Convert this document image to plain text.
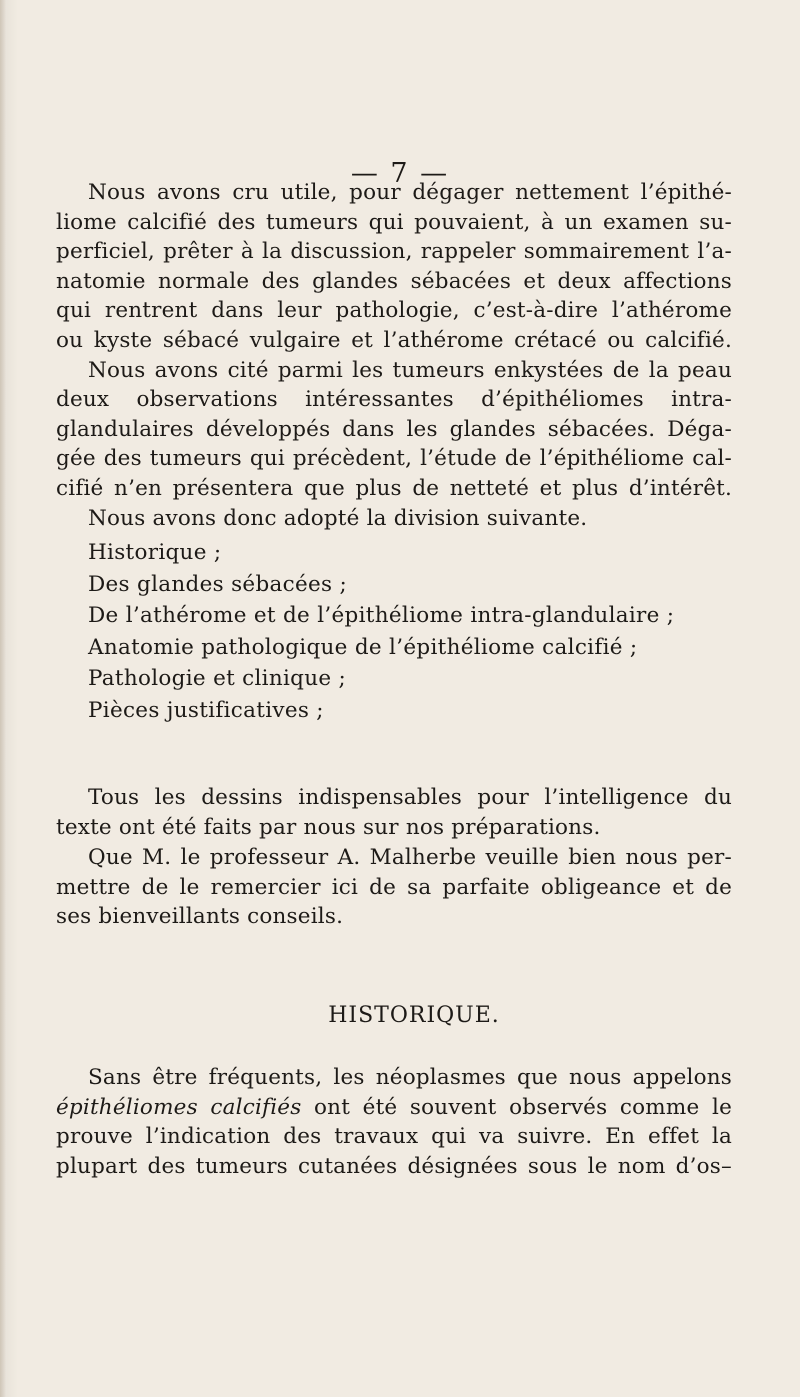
— 7 —
Nous avons cru utile, pour dégager nettement l’épithé-
liome calcifié des tumeurs qui pouvaient, à un examen su-
perficiel, prêter à la discussion, rappeler sommairement l’a-
natomie normale des glandes sébacées et deux affections
qui rentrent dans leur pathologie, c’est-à-dire l’athérome
ou kyste sébacé vulgaire et l’athérome crétacé ou calcifié.
Nous avons cité parmi les tumeurs enkystées de la peau
deux observations intéressantes d’épithéliomes intra-
glandulaires développés dans les glandes sébacées. Déga-
gée des tumeurs qui précèdent, l’étude de l’épithéliome cal-
cifié n’en présentera que plus de netteté et plus d’intérêt.
Nous avons donc adopté la division suivante.
Historique ;
Des glandes sébacées ;
De l’athérome et de l’épithéliome intra-glandulaire ;
Anatomie pathologique de l’épithéliome calcifié ;
Pathologie et clinique ;
Pièces justificatives ;
Tous les dessins indispensables pour l’intelligence du
texte ont été faits par nous sur nos préparations.
Que M. le professeur A. Malherbe veuille bien nous per-
mettre de le remercier ici de sa parfaite obligeance et de
ses bienveillants conseils.
HISTORIQUE.
Sans être fréquents, les néoplasmes que nous appelons
épithéliomes calcifiés ont été souvent observés comme le
prouve l’indication des travaux qui va suivre. En effet la
plupart des tumeurs cutanées désignées sous le nom d’os–
